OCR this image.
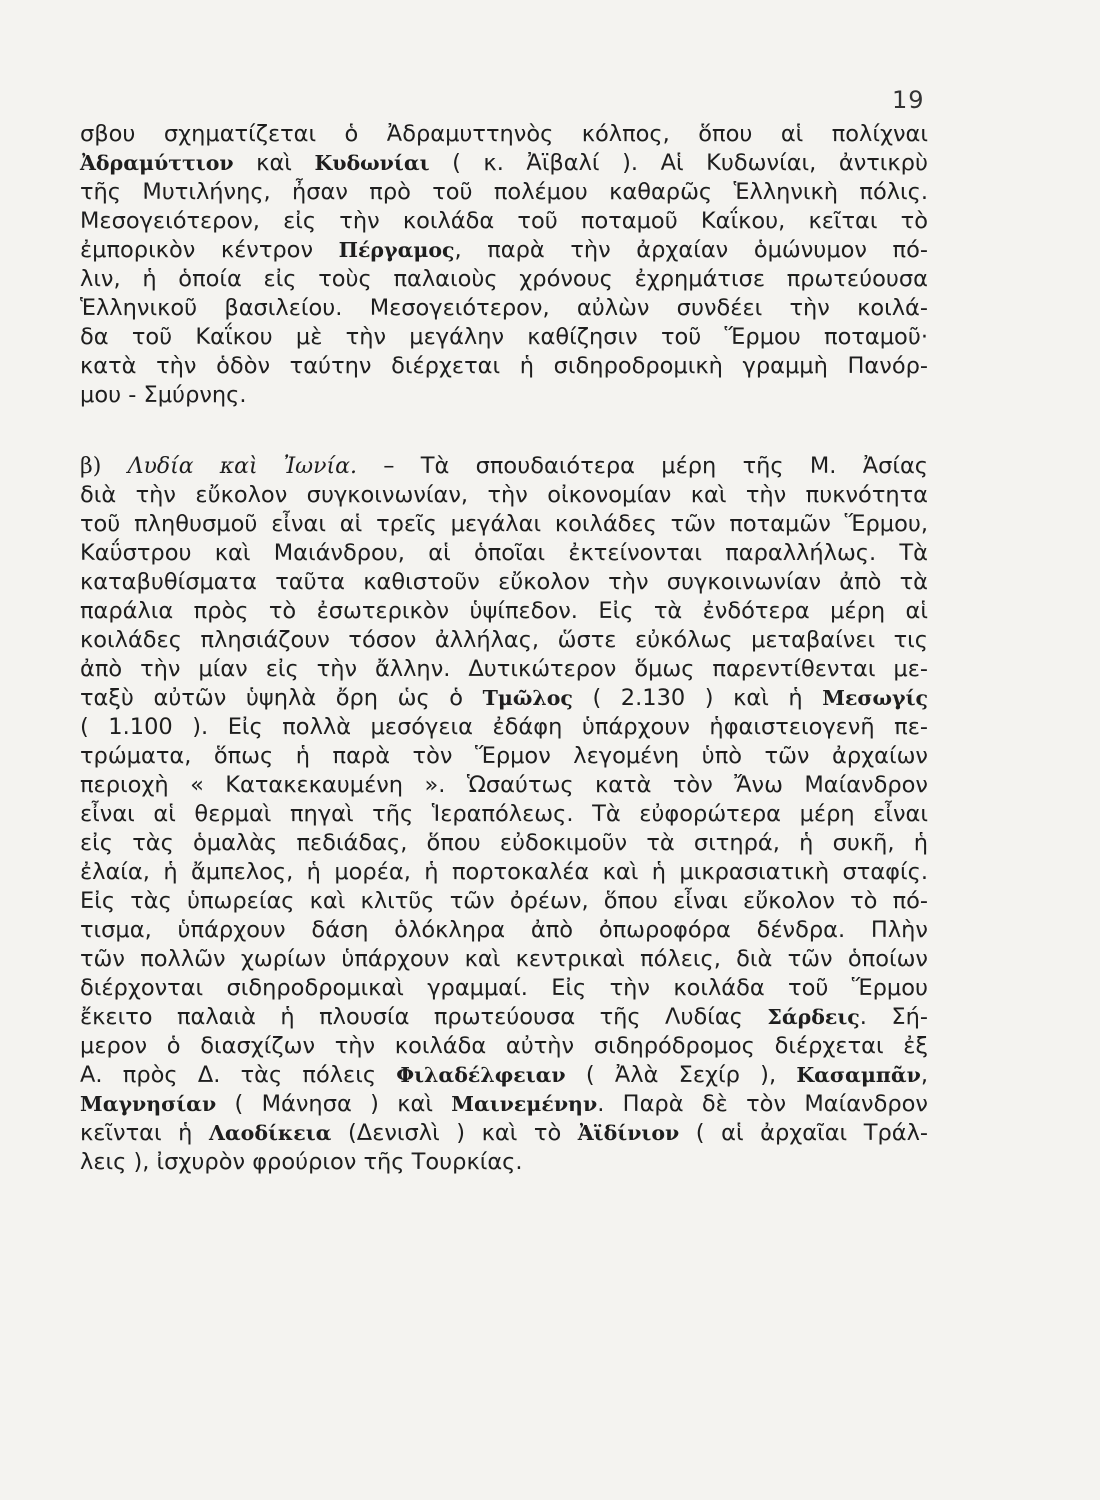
19
σβου σχηματίζεται ὁ Ἀδραμυττηνὸς κόλπος, ὅπου αἱ πολίχναι
Ἀδραμύττιον καὶ Κυδωνίαι ( κ. Ἀϊβαλί ). Αἱ Κυδωνίαι, ἀντικρὺ
τῆς Μυτιλήνης, ἦσαν πρὸ τοῦ πολέμου καθαρῶς Ἑλληνικὴ πόλις.
Μεσογειότερον, εἰς τὴν κοιλάδα τοῦ ποταμοῦ Καΐκου, κεῖται τὸ
ἐμπορικὸν κέντρον Πέργαμος, παρὰ τὴν ἀρχαίαν ὁμώνυμον πό-
λιν, ἡ ὁποία εἰς τοὺς παλαιοὺς χρόνους ἐχρημάτισε πρωτεύουσα
Ἑλληνικοῦ βασιλείου. Μεσογειότερον, αὐλὼν συνδέει τὴν κοιλά-
δα τοῦ Καΐκου μὲ τὴν μεγάλην καθίζησιν τοῦ Ἕρμου ποταμοῦ·
κατὰ τὴν ὁδὸν ταύτην διέρχεται ἡ σιδηροδρομικὴ γραμμὴ Πανόρ-
μου - Σμύρνης.
β) Λυδία καὶ Ἰωνία. – Τὰ σπουδαιότερα μέρη τῆς Μ. Ἀσίας
διὰ τὴν εὔκολον συγκοινωνίαν, τὴν οἰκονομίαν καὶ τὴν πυκνότητα
τοῦ πληθυσμοῦ εἶναι αἱ τρεῖς μεγάλαι κοιλάδες τῶν ποταμῶν Ἕρμου,
Καΰστρου καὶ Μαιάνδρου, αἱ ὁποῖαι ἐκτείνονται παραλλήλως. Τὰ
καταβυθίσματα ταῦτα καθιστοῦν εὔκολον τὴν συγκοινωνίαν ἀπὸ τὰ
παράλια πρὸς τὸ ἐσωτερικὸν ὑψίπεδον. Εἰς τὰ ἐνδότερα μέρη αἱ
κοιλάδες πλησιάζουν τόσον ἀλλήλας, ὥστε εὐκόλως μεταβαίνει τις
ἀπὸ τὴν μίαν εἰς τὴν ἄλλην. Δυτικώτερον ὅμως παρεντίθενται με-
ταξὺ αὐτῶν ὑψηλὰ ὄρη ὡς ὁ Τμῶλος ( 2.130 ) καὶ ἡ Μεσωγίς
( 1.100 ). Εἰς πολλὰ μεσόγεια ἐδάφη ὑπάρχουν ἡφαιστειογενῆ πε-
τρώματα, ὅπως ἡ παρὰ τὸν Ἕρμον λεγομένη ὑπὸ τῶν ἀρχαίων
περιοχὴ « Κατακεκαυμένη ». Ὡσαύτως κατὰ τὸν Ἄνω Μαίανδρον
εἶναι αἱ θερμαὶ πηγαὶ τῆς Ἱεραπόλεως. Τὰ εὐφορώτερα μέρη εἶναι
εἰς τὰς ὁμαλὰς πεδιάδας, ὅπου εὐδοκιμοῦν τὰ σιτηρά, ἡ συκῆ, ἡ
ἐλαία, ἡ ἄμπελος, ἡ μορέα, ἡ πορτοκαλέα καὶ ἡ μικρασιατικὴ σταφίς.
Εἰς τὰς ὑπωρείας καὶ κλιτῦς τῶν ὀρέων, ὅπου εἶναι εὔκολον τὸ πό-
τισμα, ὑπάρχουν δάση ὁλόκληρα ἀπὸ ὀπωροφόρα δένδρα. Πλὴν
τῶν πολλῶν χωρίων ὑπάρχουν καὶ κεντρικαὶ πόλεις, διὰ τῶν ὁποίων
διέρχονται σιδηροδρομικαὶ γραμμαί. Εἰς τὴν κοιλάδα τοῦ Ἕρμου
ἔκειτο παλαιὰ ἡ πλουσία πρωτεύουσα τῆς Λυδίας Σάρδεις. Σή-
μερον ὁ διασχίζων τὴν κοιλάδα αὐτὴν σιδηρόδρομος διέρχεται ἐξ
Α. πρὸς Δ. τὰς πόλεις Φιλαδέλφειαν ( Ἀλὰ Σεχίρ ), Κασαμπᾶν,
Μαγνησίαν ( Μάνησα ) καὶ Μαινεμένην. Παρὰ δὲ τὸν Μαίανδρον
κεῖνται ἡ Λαοδίκεια (Δενισλὶ ) καὶ τὸ Ἀϊδίνιον ( αἱ ἀρχαῖαι Τράλ-
λεις ), ἰσχυρὸν φρούριον τῆς Τουρκίας.
